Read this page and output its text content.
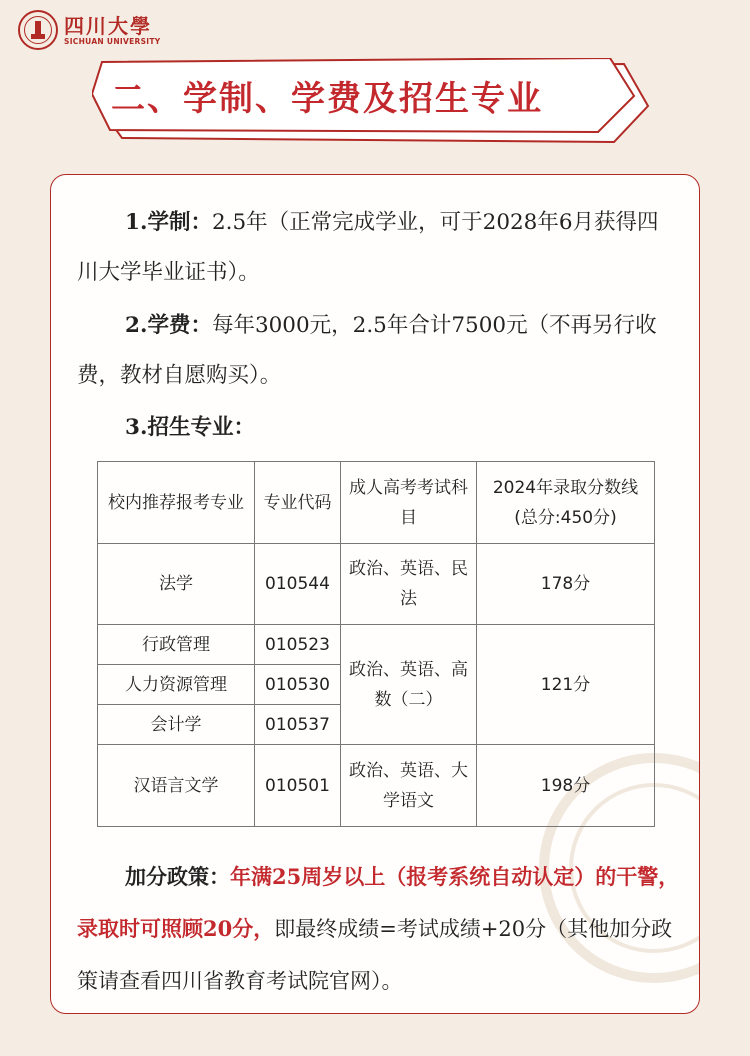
四川大學
SICHUAN UNIVERSITY
二、学制、学费及招生专业
1.学制：2.5年（正常完成学业，可于2028年6月获得四川大学毕业证书）。
2.学费：每年3000元，2.5年合计7500元（不再另行收费，教材自愿购买）。
3.招生专业：
校内推荐报考专业	专业代码	成人高考考试科目	2024年录取分数线(总分:450分)
法学	010544	政治、英语、民法	178分
行政管理	010523	政治、英语、高数（二）	121分
人力资源管理	010530		
会计学	010537		
汉语言文学	010501	政治、英语、大学语文	198分
加分政策：年满25周岁以上（报考系统自动认定）的干警，录取时可照顾20分，即最终成绩=考试成绩+20分（其他加分政策请查看四川省教育考试院官网）。
